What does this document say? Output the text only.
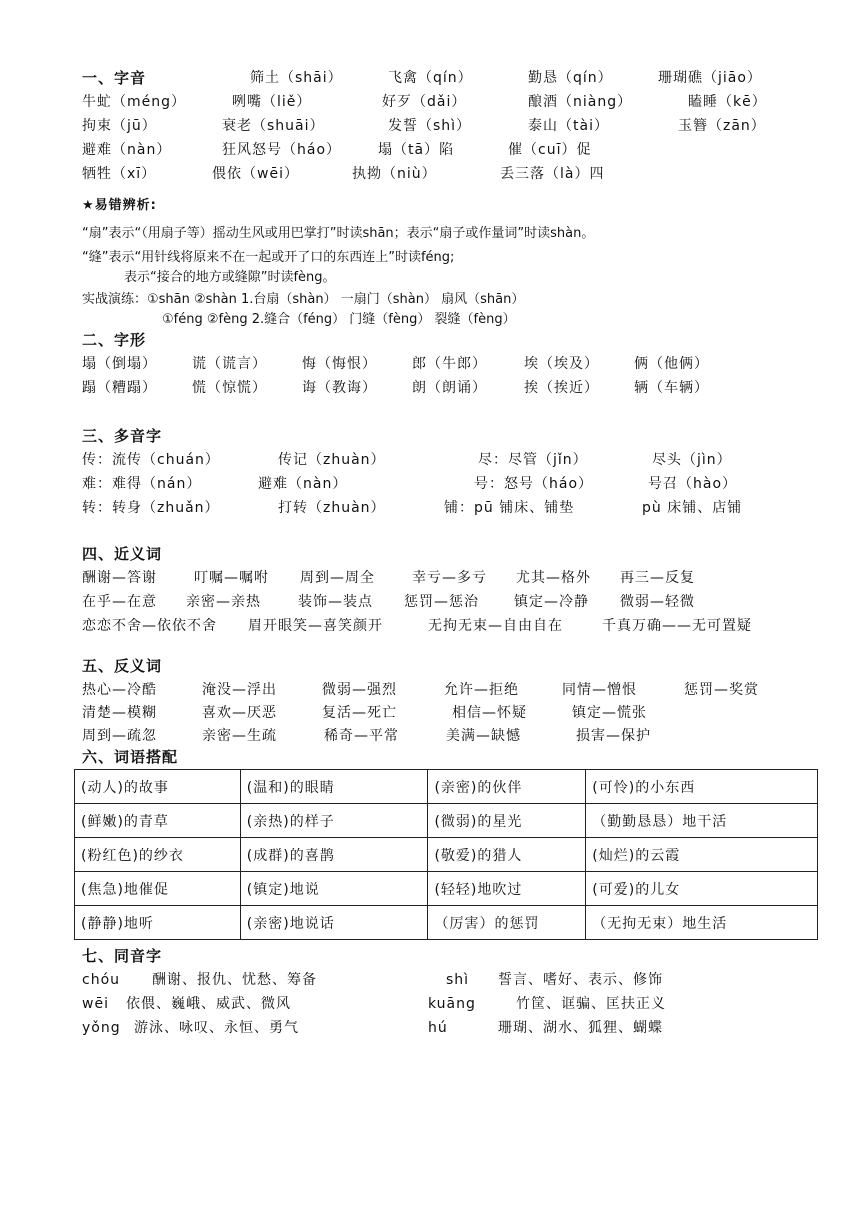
一、字音	筛土（shāi）	飞禽（qín）	勤恳（qín）	珊瑚礁（jiāo）
牛虻（méng）	咧嘴（liě）	好歹（dǎi）	酿酒（niàng）	瞌睡（kē）
拘束（jū）	衰老（shuāi）	发誓（shì）	泰山（tài）	玉簪（zān）
避难（nàn）	狂风怒号（háo）	塌（tā）陷	催（cuī）促
牺牲（xī）	偎依（wēi）	执拗（niù）	丢三落（là）四
★易错辨析:
“扇”表示“（用扇子等）摇动生风或用巴掌打”时读shān；表示“扇子或作量词”时读shàn。
“缝”表示“用针线将原来不在一起或开了口的东西连上”时读féng;
表示“接合的地方或缝隙”时读fèng。
实战演练：①shān ②shàn 1.台扇（shàn） 一扇门（shàn） 扇风（shān）
①féng ②fèng 2.缝合（féng） 门缝（fèng） 裂缝（fèng）
二、字形
塌（倒塌）	谎（谎言）	悔（悔恨）	郎（牛郎）	埃（埃及）	俩（他俩）
蹋（糟蹋）	慌（惊慌）	诲（教诲）	朗（朗诵）	挨（挨近）	辆（车辆）
三、多音字
传：流传（chuán）	传记（zhuàn）	尽：尽管（jǐn）	尽头（jìn）
难：难得（nán）	避难（nàn）	号：怒号（háo）	号召（hào）
转：转身（zhuǎn）	打转（zhuàn）	铺：pū 铺床、铺垫	pù 床铺、店铺
四、近义词
酬谢—答谢	叮嘱—嘱咐 周到—周全	幸亏—多亏 尤其—格外 再三—反复
在乎—在意 亲密—亲热	装饰—装点 惩罚—惩治	镇定—冷静 微弱—轻微
恋恋不舍—依依不舍 眉开眼笑—喜笑颜开	无拘无束—自由自在	千真万确——无可置疑
五、反义词
热心—冷酷	淹没—浮出	微弱—强烈	允许—拒绝	同情—憎恨	惩罚—奖赏
清楚—模糊	喜欢—厌恶	复活—死亡	相信—怀疑	镇定—慌张
周到—疏忽	亲密—生疏	稀奇—平常	美满—缺憾	损害—保护
六、词语搭配
(动人)的故事	(温和)的眼睛	(亲密)的伙伴	(可怜)的小东西
(鲜嫩)的青草	(亲热)的样子	(微弱)的星光	（勤勤恳恳）地干活
(粉红色)的纱衣	(成群)的喜鹊	(敬爱)的猎人	(灿烂)的云霞
(焦急)地催促	(镇定)地说	(轻轻)地吹过	(可爱)的儿女
(静静)地听	(亲密)地说话	（厉害）的惩罚	（无拘无束）地生活
七、同音字
chóu 酬谢、报仇、忧愁、筹备	shì 誓言、嗜好、表示、修饰
wēi 依偎、巍峨、威武、微风	kuāng	竹筐、诓骗、匡扶正义
yǒng 游泳、咏叹、永恒、勇气	hú	珊瑚、湖水、狐狸、蝴蝶
